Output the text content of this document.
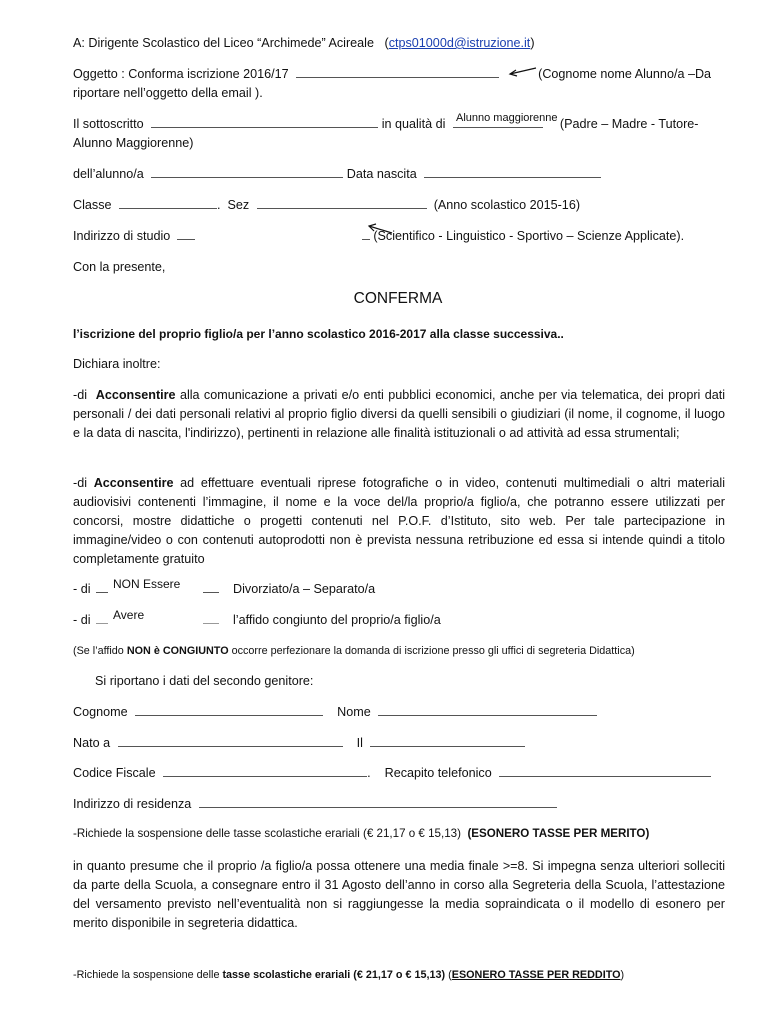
A: Dirigente Scolastico del Liceo “Archimede” Acireale (ctps01000d@istruzione.it)
Oggetto : Conforma iscrizione 2016/17	(Cognome nome Alunno/a –Da
riportare nell’oggetto della email ).
Alunno maggiorenne
Il sottoscritto	in qualità di	(Padre – Madre - Tutore-
Alunno Maggiorenne)
dell’alunno/a	Data nascita
Classe	. Sez	(Anno scolastico 2015-16)
Indirizzo di studio	(Scientifico - Linguistico - Sportivo – Scienze Applicate).
Con la presente,
CONFERMA
l’iscrizione del proprio figlio/a per l’anno scolastico 2016-2017 alla classe successiva..
Dichiara inoltre:
-di Acconsentire alla comunicazione a privati e/o enti pubblici economici, anche per via telematica, dei propri dati personali / dei dati personali relativi al proprio figlio diversi da quelli sensibili o giudiziari (il nome, il cognome, il luogo e la data di nascita, l'indirizzo), pertinenti in relazione alle finalità istituzionali o ad attività ad essa strumentali;
-di Acconsentire ad effettuare eventuali riprese fotografiche o in video, contenuti multimediali o altri materiali audiovisivi contenenti l’immagine, il nome e la voce del/la proprio/a figlio/a, che potranno essere utilizzati per concorsi, mostre didattiche o progetti contenuti nel P.O.F. d’Istituto, sito web. Per tale partecipazione in immagine/video o con contenuti autoprodotti non è prevista nessuna retribuzione ed essa si intende quindi a titolo completamente gratuito
NON Essere
- di	Divorziato/a – Separato/a
Avere
- di	l’affido congiunto del proprio/a figlio/a
(Se l’affido NON è CONGIUNTO occorre perfezionare la domanda di iscrizione presso gli uffici di segreteria Didattica)
Si riportano i dati del secondo genitore:
Cognome	Nome
Nato a	Il
Codice Fiscale	. Recapito telefonico
Indirizzo di residenza
-Richiede la sospensione delle tasse scolastiche erariali (€ 21,17 o € 15,13) (ESONERO TASSE PER MERITO)
in quanto presume che il proprio /a figlio/a possa ottenere una media finale >=8. Si impegna senza ulteriori solleciti da parte della Scuola, a consegnare entro il 31 Agosto dell’anno in corso alla Segreteria della Scuola, l’attestazione del versamento previsto nell’eventualità non si raggiungesse la media sopraindicata o il modello di esonero per merito disponibile in segreteria didattica.
-Richiede la sospensione delle tasse scolastiche erariali (€ 21,17 o € 15,13) (ESONERO TASSE PER REDDITO)
